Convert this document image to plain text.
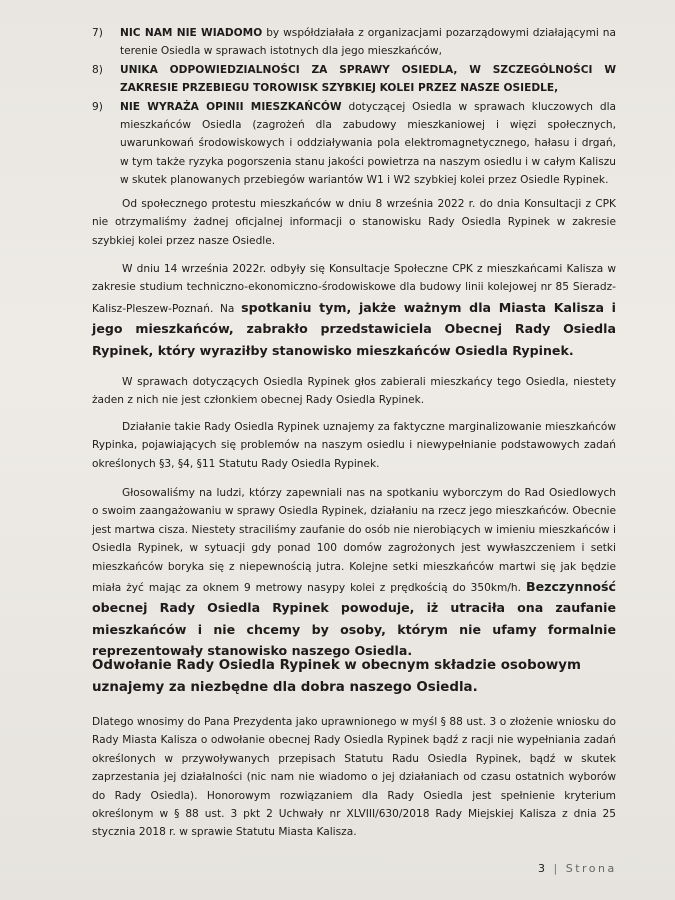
7)	NIC NAM NIE WIADOMO by współdziałała z organizacjami pozarządowymi działającymi na terenie Osiedla w sprawach istotnych dla jego mieszkańców,
8)	UNIKA ODPOWIEDZIALNOŚCI ZA SPRAWY OSIEDLA, W SZCZEGÓLNOŚCI W ZAKRESIE PRZEBIEGU TOROWISK SZYBKIEJ KOLEI PRZEZ NASZE OSIEDLE,
9)	NIE WYRAŻA OPINII MIESZKAŃCÓW dotyczącej Osiedla w sprawach kluczowych dla mieszkańców Osiedla (zagrożeń dla zabudowy mieszkaniowej i więzi społecznych, uwarunkowań środowiskowych i oddziaływania pola elektromagnetycznego, hałasu i drgań, w tym także ryzyka pogorszenia stanu jakości powietrza na naszym osiedlu i w całym Kaliszu w skutek planowanych przebiegów wariantów W1 i W2 szybkiej kolei przez Osiedle Rypinek.
Od społecznego protestu mieszkańców w dniu 8 września 2022 r. do dnia Konsultacji z CPK nie otrzymaliśmy żadnej oficjalnej informacji o stanowisku Rady Osiedla Rypinek w zakresie szybkiej kolei przez nasze Osiedle.
W dniu 14 września 2022r. odbyły się Konsultacje Społeczne CPK z mieszkańcami Kalisza w zakresie studium techniczno-ekonomiczno-środowiskowe dla budowy linii kolejowej nr 85 Sieradz-Kalisz-Pleszew-Poznań. Na spotkaniu tym, jakże ważnym dla Miasta Kalisza i jego mieszkańców, zabrakło przedstawiciela Obecnej Rady Osiedla Rypinek, który wyraziłby stanowisko mieszkańców Osiedla Rypinek.
W sprawach dotyczących Osiedla Rypinek głos zabierali mieszkańcy tego Osiedla, niestety żaden z nich nie jest członkiem obecnej Rady Osiedla Rypinek.
Działanie takie Rady Osiedla Rypinek uznajemy za faktyczne marginalizowanie mieszkańców Rypinka, pojawiających się problemów na naszym osiedlu i niewypełnianie podstawowych zadań określonych §3, §4, §11 Statutu Rady Osiedla Rypinek.
Głosowaliśmy na ludzi, którzy zapewniali nas na spotkaniu wyborczym do Rad Osiedlowych o swoim zaangażowaniu w sprawy Osiedla Rypinek, działaniu na rzecz jego mieszkańców. Obecnie jest martwa cisza. Niestety straciliśmy zaufanie do osób nie nierobiących w imieniu mieszkańców i Osiedla Rypinek, w sytuacji gdy ponad 100 domów zagrożonych jest wywłaszczeniem i setki mieszkańców boryka się z niepewnością jutra. Kolejne setki mieszkańców martwi się jak będzie miała żyć mając za oknem 9 metrowy nasypy kolei z prędkością do 350km/h. Bezczynność obecnej Rady Osiedla Rypinek powoduje, iż utraciła ona zaufanie mieszkańców i nie chcemy by osoby, którym nie ufamy formalnie reprezentowały stanowisko naszego Osiedla.
Odwołanie Rady Osiedla Rypinek w obecnym składzie osobowym uznajemy za niezbędne dla dobra naszego Osiedla.
Dlatego wnosimy do Pana Prezydenta jako uprawnionego w myśl § 88 ust. 3 o złożenie wniosku do Rady Miasta Kalisza o odwołanie obecnej Rady Osiedla Rypinek bądź z racji nie wypełniania zadań określonych w przywoływanych przepisach Statutu Radu Osiedla Rypinek, bądź w skutek zaprzestania jej działalności (nic nam nie wiadomo o jej działaniach od czasu ostatnich wyborów do Rady Osiedla). Honorowym rozwiązaniem dla Rady Osiedla jest spełnienie kryterium określonym w § 88 ust. 3 pkt 2 Uchwały nr XLVIII/630/2018 Rady Miejskiej Kalisza z dnia 25 stycznia 2018 r. w sprawie Statutu Miasta Kalisza.
3 | Strona
